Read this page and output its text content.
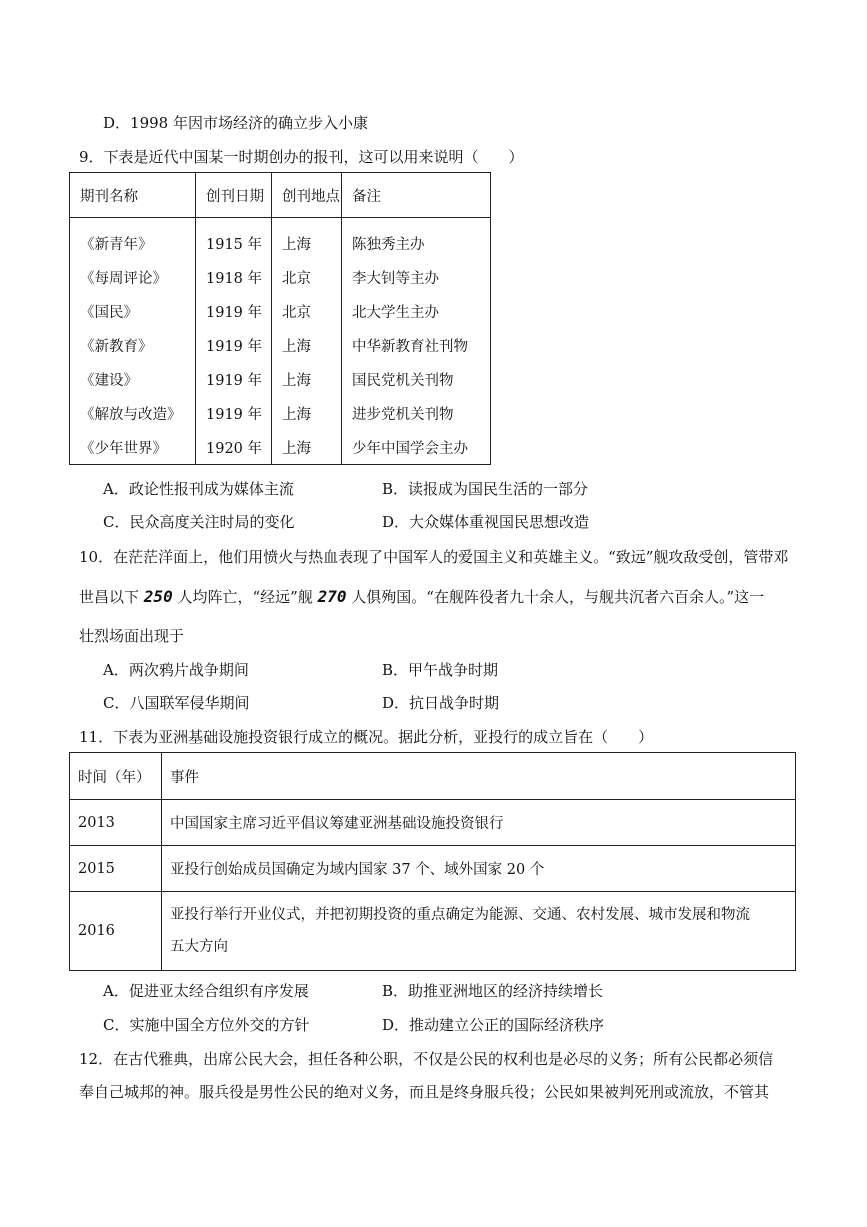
D．1998 年因市场经济的确立步入小康
9．下表是近代中国某一时期创办的报刊，这可以用来说明（　　）
期刊名称	创刊日期	创刊地点	备注
《新青年》	1915 年	上海	陈独秀主办
《每周评论》	1918 年	北京	李大钊等主办
《国民》	1919 年	北京	北大学生主办
《新教育》	1919 年	上海	中华新教育社刊物
《建设》	1919 年	上海	国民党机关刊物
《解放与改造》	1919 年	上海	进步党机关刊物
《少年世界》	1920 年	上海	少年中国学会主办
A．政论性报刊成为媒体主流	B．读报成为国民生活的一部分
C．民众高度关注时局的变化	D．大众媒体重视国民思想改造
10．在茫茫洋面上，他们用愤火与热血表现了中国军人的爱国主义和英雄主义。“致远”舰攻敌受创，管带邓
世昌以下 250 人均阵亡，“经远”舰 270 人俱殉国。“在舰阵役者九十余人，与舰共沉者六百余人。”这一
壮烈场面出现于
A．两次鸦片战争期间	B．甲午战争时期
C．八国联军侵华期间	D．抗日战争时期
11．下表为亚洲基础设施投资银行成立的概况。据此分析，亚投行的成立旨在（　　）
时间（年）	事件
2013	中国国家主席习近平倡议筹建亚洲基础设施投资银行
2015	亚投行创始成员国确定为域内国家 37 个、域外国家 20 个
2016	亚投行举行开业仪式，并把初期投资的重点确定为能源、交通、农村发展、城市发展和物流
五大方向
A．促进亚太经合组织有序发展	B．助推亚洲地区的经济持续增长
C．实施中国全方位外交的方针	D．推动建立公正的国际经济秩序
12．在古代雅典，出席公民大会，担任各种公职，不仅是公民的权利也是必尽的义务；所有公民都必须信
奉自己城邦的神。服兵役是男性公民的绝对义务，而且是终身服兵役；公民如果被判死刑或流放，不管其
